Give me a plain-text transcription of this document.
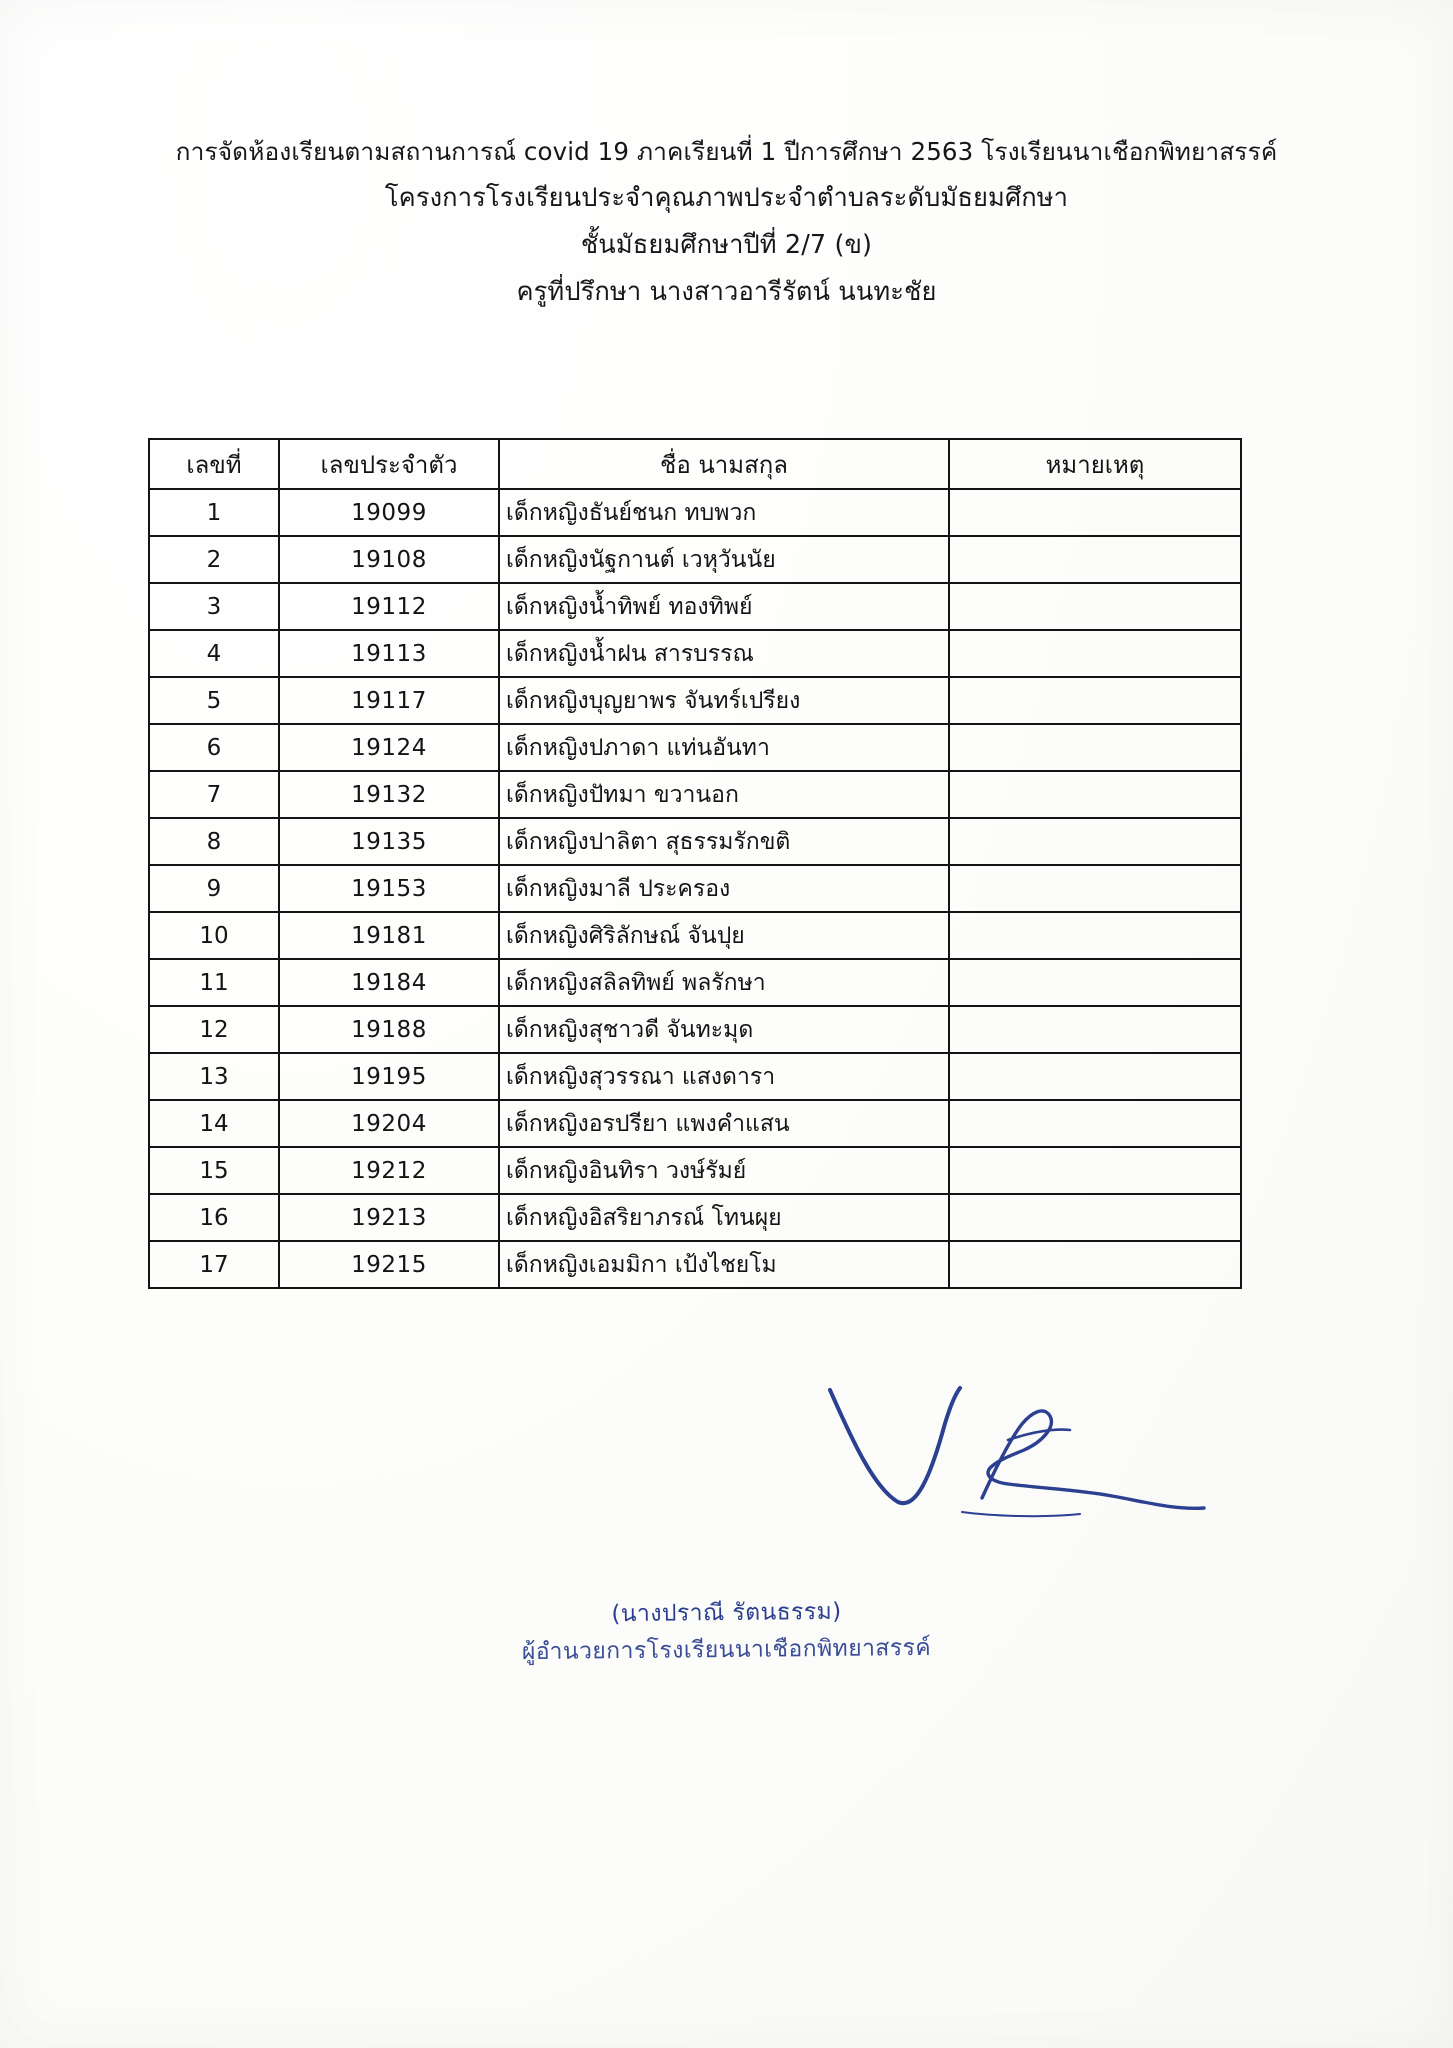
การจัดห้องเรียนตามสถานการณ์ covid 19 ภาคเรียนที่ 1 ปีการศึกษา 2563 โรงเรียนนาเชือกพิทยาสรรค์
โครงการโรงเรียนประจำคุณภาพประจำตำบลระดับมัธยมศึกษา
ชั้นมัธยมศึกษาปีที่ 2/7 (ข)
ครูที่ปรึกษา นางสาวอารีรัตน์ นนทะชัย
เลขที่	เลขประจำตัว	ชื่อ นามสกุล	หมายเหตุ
1	19099	เด็กหญิงธันย์ชนก ทบพวก	
2	19108	เด็กหญิงนัฐกานต์ เวหุวันนัย	
3	19112	เด็กหญิงน้ำทิพย์ ทองทิพย์	
4	19113	เด็กหญิงน้ำฝน สารบรรณ	
5	19117	เด็กหญิงบุญยาพร จันทร์เปรียง	
6	19124	เด็กหญิงปภาดา แท่นอันทา	
7	19132	เด็กหญิงปัทมา ขวานอก	
8	19135	เด็กหญิงปาลิตา สุธรรมรักขติ	
9	19153	เด็กหญิงมาลี ประครอง	
10	19181	เด็กหญิงศิริลักษณ์ จันปุย	
11	19184	เด็กหญิงสลิลทิพย์ พลรักษา	
12	19188	เด็กหญิงสุชาวดี จันทะมุด	
13	19195	เด็กหญิงสุวรรณา แสงดารา	
14	19204	เด็กหญิงอรปรียา แพงคำแสน	
15	19212	เด็กหญิงอินทิรา วงษ์รัมย์	
16	19213	เด็กหญิงอิสริยาภรณ์ โทนผุย	
17	19215	เด็กหญิงเอมมิกา เป้งไชยโม	
(นางปราณี รัตนธรรม)
ผู้อำนวยการโรงเรียนนาเชือกพิทยาสรรค์
